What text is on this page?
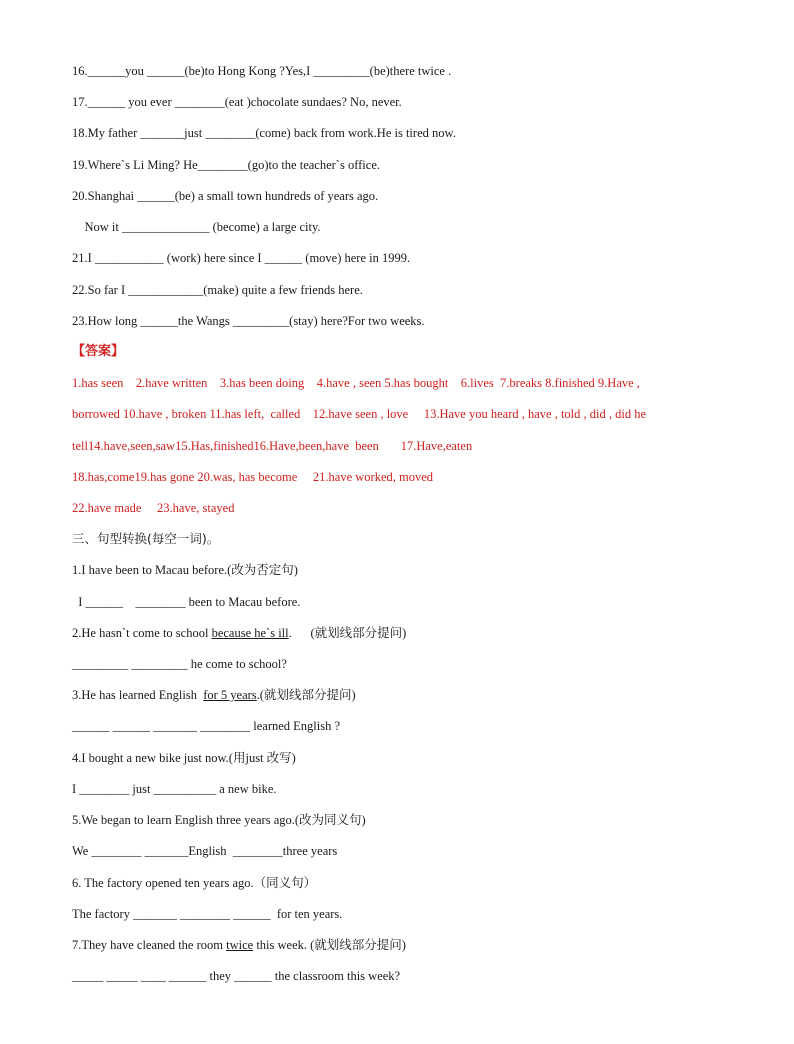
16.______you ______(be)to Hong Kong ?Yes,I _________(be)there twice .
17.______ you ever ________(eat )chocolate sundaes? No, never.
18.My father _______just ________(come) back from work.He is tired now.
19.Where`s Li Ming? He________(go)to the teacher`s office.
20.Shanghai ______(be) a small town hundreds of years ago.
Now it ______________ (become) a large city.
21.I ___________ (work) here since I ______ (move) here in 1999.
22.So far I ____________(make) quite a few friends here.
23.How long ______the Wangs _________(stay) here?For two weeks.
【答案】
1.has seen    2.have written    3.has been doing    4.have , seen 5.has bought    6.lives  7.breaks 8.finished 9.Have ,
borrowed 10.have , broken 11.has left,  called    12.have seen , love     13.Have you heard , have , told , did , did he
tell14.have,seen,saw15.Has,finished16.Have,been,have  been       17.Have,eaten
18.has,come19.has gone 20.was, has become     21.have worked, moved
22.have made     23.have, stayed
三、句型转换(每空一词)。
1.I have been to Macau before.(改为否定句)
I ______    ________ been to Macau before.
2.He hasn`t come to school because he`s ill.      (就划线部分提问)
_________ _________ he come to school?
3.He has learned English  for 5 years.(就划线部分提问)
______ ______ _______ ________ learned English ?
4.I bought a new bike just now.(用just 改写)
I ________ just __________ a new bike.
5.We began to learn English three years ago.(改为同义句)
We ________ _______English  ________three years
6. The factory opened ten years ago.（同义句）
The factory _______ ________ ______  for ten years.
7.They have cleaned the room twice this week. (就划线部分提问)
_____ _____ ____ ______ they ______ the classroom this week?
